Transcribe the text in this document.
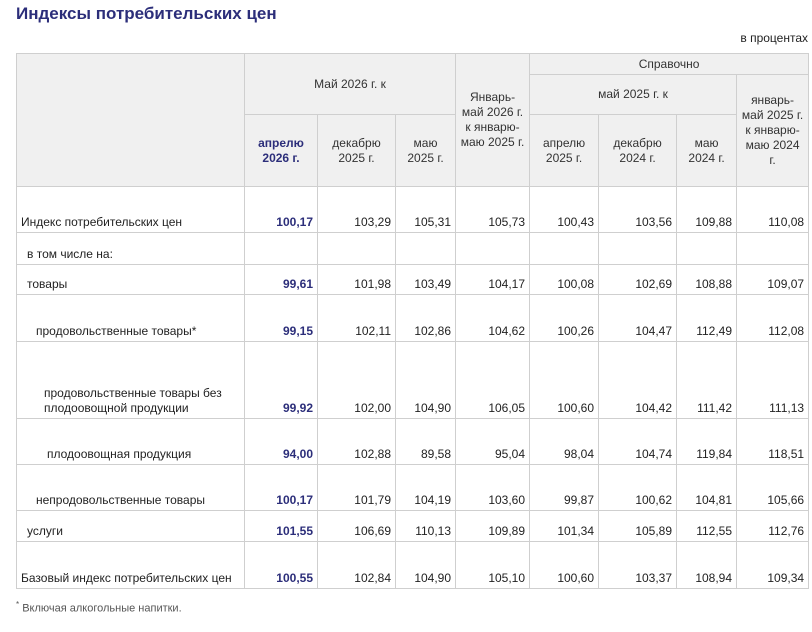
Индексы потребительских цен
в процентах
	Май 2026 г. к			Январь-май 2026 г. к январю-маю 2025 г.	Справочно			
					май 2025 г. к			январь-май 2025 г. к январю-маю 2024 г.
	апрелю 2026 г.	декабрю 2025 г.	маю 2025 г.		апрелю 2025 г.	декабрю 2024 г.	маю 2024 г.	
Индекс потребительских цен	100,17	103,29	105,31	105,73	100,43	103,56	109,88	110,08
в том числе на:								
товары	99,61	101,98	103,49	104,17	100,08	102,69	108,88	109,07
продовольственные товары*	99,15	102,11	102,86	104,62	100,26	104,47	112,49	112,08
продовольственные товары без плодоовощной продукции	99,92	102,00	104,90	106,05	100,60	104,42	111,42	111,13
плодоовощная продукция	94,00	102,88	89,58	95,04	98,04	104,74	119,84	118,51
непродовольственные товары	100,17	101,79	104,19	103,60	99,87	100,62	104,81	105,66
услуги	101,55	106,69	110,13	109,89	101,34	105,89	112,55	112,76
Базовый индекс потребительских цен	100,55	102,84	104,90	105,10	100,60	103,37	108,94	109,34
* Включая алкогольные напитки.
